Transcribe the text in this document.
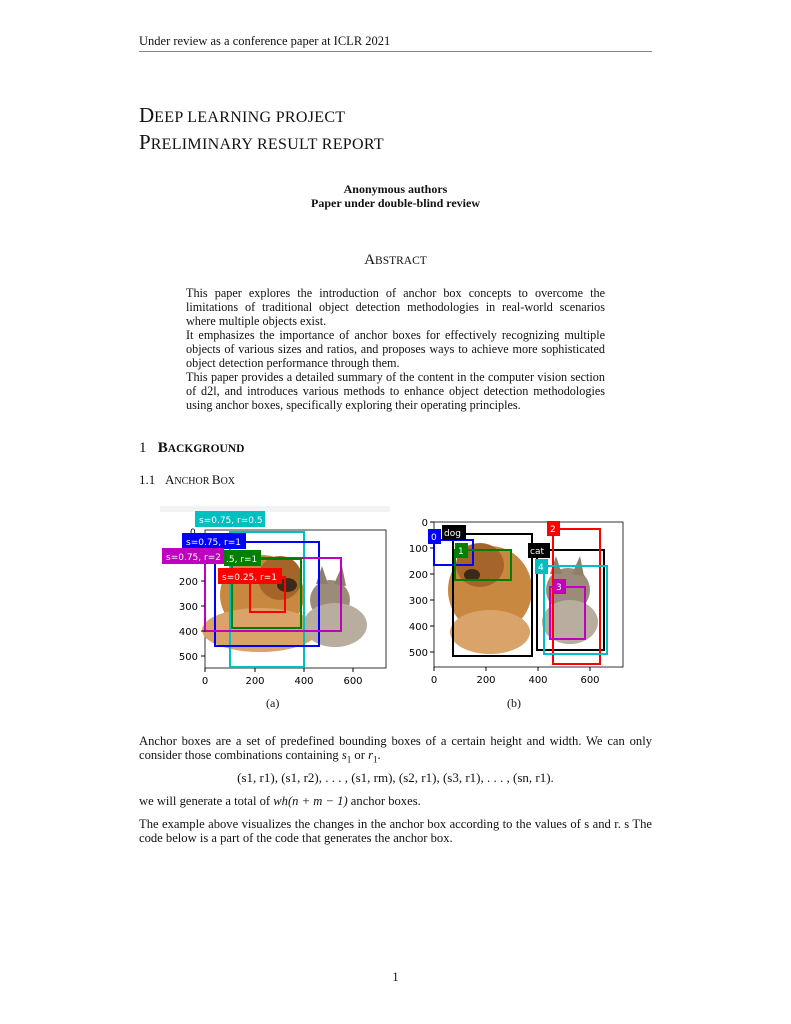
Under review as a conference paper at ICLR 2021
DEEP LEARNING PROJECT
PRELIMINARY RESULT REPORT
Anonymous authors
Paper under double-blind review
ABSTRACT

This paper explores the introduction of anchor box concepts to overcome the limitations of traditional object detection methodologies in real-world scenarios where multiple objects exist.

It emphasizes the importance of anchor boxes for effectively recognizing multiple objects of various sizes and ratios, and proposes ways to achieve more sophisticated object detection performance through them.

This paper provides a detailed summary of the content in the computer vision section of d2l, and introduces various methods to enhance object detection methodologies using anchor boxes, specifically exploring their operating principles.

1 BACKGROUND
1.1 ANCHOR BOX
s=0.75, r=0.5
s=0.75, r=1
s=0.75, r=2 .5, r=1
s=0.25, r=1
200
300
400
500
0	200	400	600
0 dog
1
2
cat
4
3
0
100
200
300
400
500
0	200	400	600
(a)	(b)
Anchor boxes are a set of predefined bounding boxes of a certain height and width. We can only consider those combinations containing $s_1$ or $r_1$.
(s1, r1), (s1, r2), . . . , (s1, rm), (s2, r1), (s3, r1), . . . , (sn, r1).
we will generate a total of wh(n + m − 1) anchor boxes.
The example above visualizes the changes in the anchor box according to the values of s and r. s The code below is a part of the code that generates the anchor box.
1
